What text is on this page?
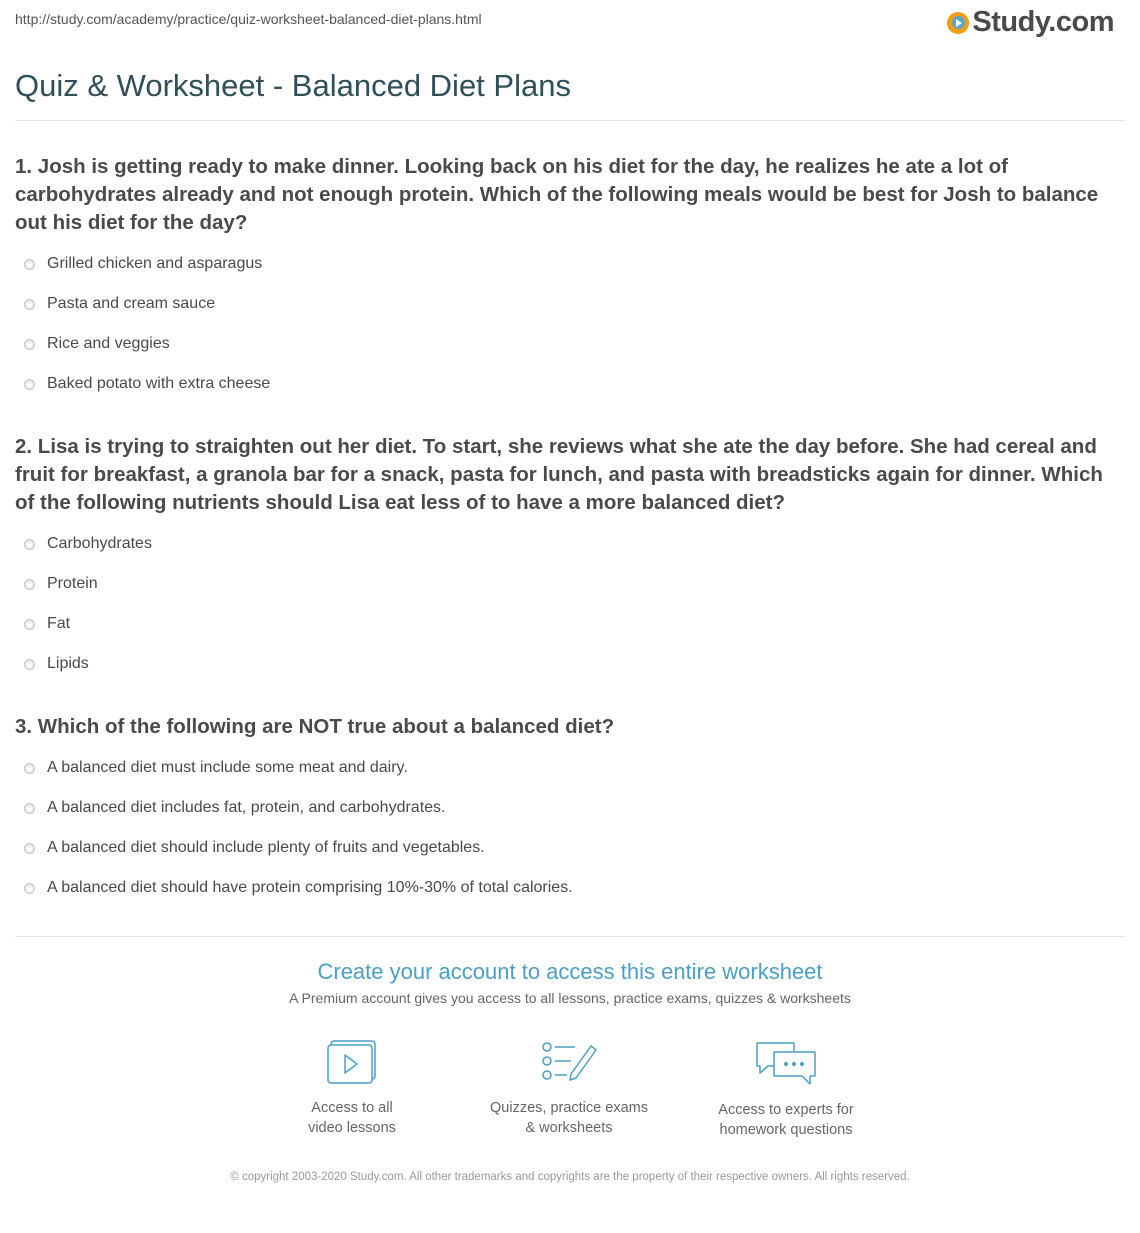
http://study.com/academy/practice/quiz-worksheet-balanced-diet-plans.html	Study.com
Quiz & Worksheet - Balanced Diet Plans

1. Josh is getting ready to make dinner. Looking back on his diet for the day, he realizes he ate a lot of carbohydrates already and not enough protein. Which of the following meals would be best for Josh to balance out his diet for the day?

Grilled chicken and asparagus
Pasta and cream sauce
Rice and veggies
Baked potato with extra cheese

2. Lisa is trying to straighten out her diet. To start, she reviews what she ate the day before. She had cereal and fruit for breakfast, a granola bar for a snack, pasta for lunch, and pasta with breadsticks again for dinner. Which of the following nutrients should Lisa eat less of to have a more balanced diet?

Carbohydrates
Protein
Fat
Lipids

3. Which of the following are NOT true about a balanced diet?

A balanced diet must include some meat and dairy.
A balanced diet includes fat, protein, and carbohydrates.
A balanced diet should include plenty of fruits and vegetables.
A balanced diet should have protein comprising 10%-30% of total calories.
Create your account to access this entire worksheet
A Premium account gives you access to all lessons, practice exams, quizzes & worksheets
Access to all
video lessons
Quizzes, practice exams
& worksheets
Access to experts for
homework questions
© copyright 2003-2020 Study.com. All other trademarks and copyrights are the property of their respective owners. All rights reserved.
